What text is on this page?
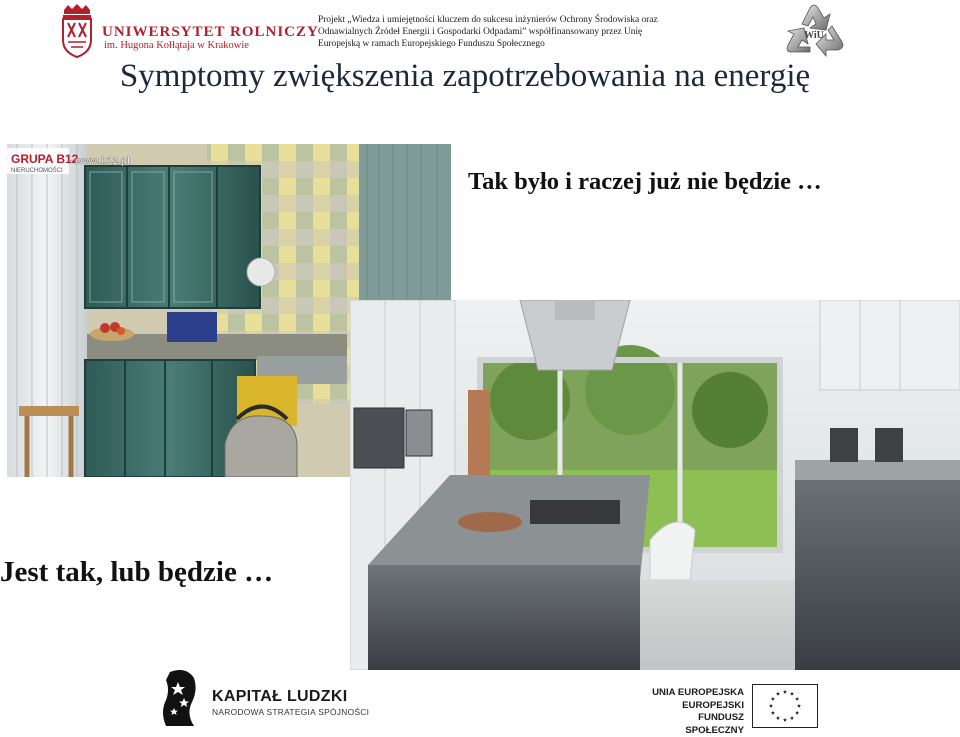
UNIWERSYTET ROLNICZY
im. Hugona Kołłątaja w Krakowie
Projekt „Wiedza i umiejętności kluczem do sukcesu inżynierów Ochrony Środowiska oraz Odnawialnych Źródeł Energii i Gospodarki Odpadami” współfinansowany przez Unię Europejską w ramach Europejskiego Funduszu Społecznego
WiU
Symptomy zwiększenia zapotrzebowania na energię
GRUPA B12
NIERUCHOMOŚCI
- www.b12.pl
Tak było i raczej już nie będzie …
Jest tak, lub będzie …
KAPITAŁ LUDZKI
NARODOWA STRATEGIA SPÓJNOŚCI
UNIA EUROPEJSKA
EUROPEJSKI
FUNDUSZ SPOŁECZNY
